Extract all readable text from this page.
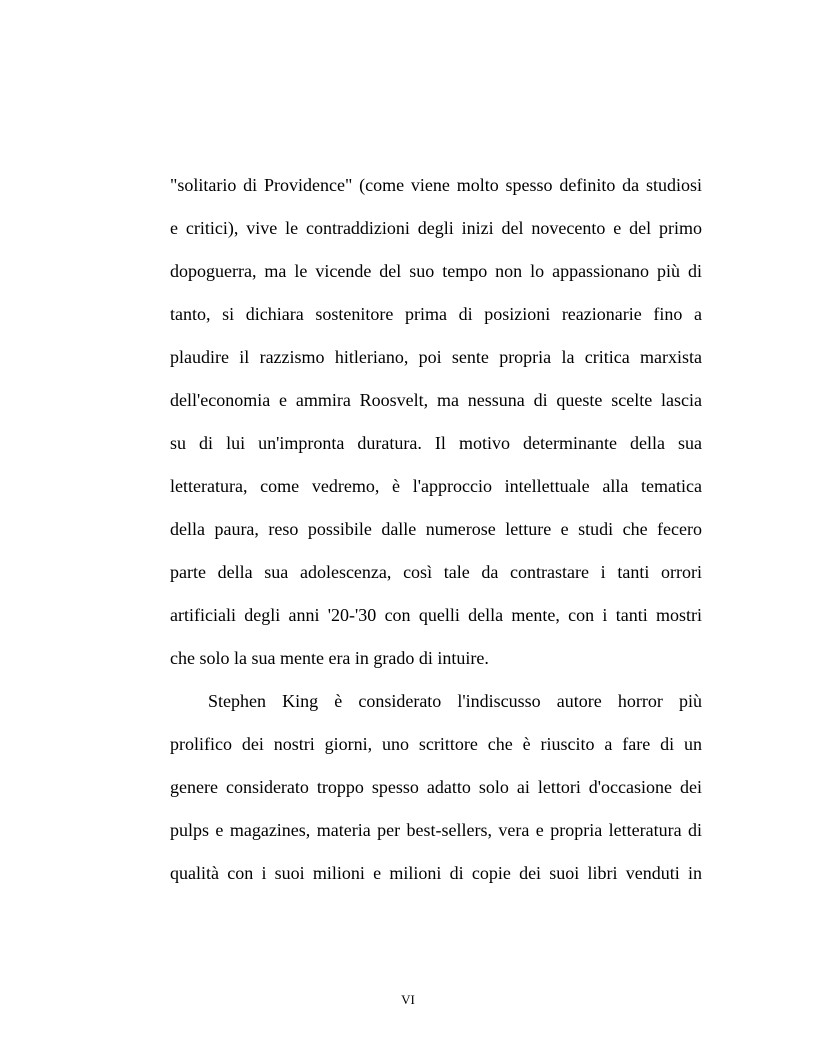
"solitario di Providence" (come viene molto spesso definito da studiosi
e critici), vive le contraddizioni degli inizi del novecento e del primo
dopoguerra, ma le vicende del suo tempo non lo appassionano più di
tanto, si dichiara sostenitore prima di posizioni reazionarie fino a
plaudire il razzismo hitleriano, poi sente propria la critica marxista
dell'economia e ammira Roosvelt, ma nessuna di queste scelte lascia
su di lui un'impronta duratura. Il motivo determinante della sua
letteratura, come vedremo, è l'approccio intellettuale alla tematica
della paura, reso possibile dalle numerose letture e studi che fecero
parte della sua adolescenza, così tale da contrastare i tanti orrori
artificiali degli anni '20-'30 con quelli della mente, con i tanti mostri
che solo la sua mente era in grado di intuire.
Stephen King è considerato l'indiscusso autore horror più
prolifico dei nostri giorni, uno scrittore che è riuscito a fare di un
genere considerato troppo spesso adatto solo ai lettori d'occasione dei
pulps e magazines, materia per best-sellers, vera e propria letteratura di
qualità con i suoi milioni e milioni di copie dei suoi libri venduti in
VI
